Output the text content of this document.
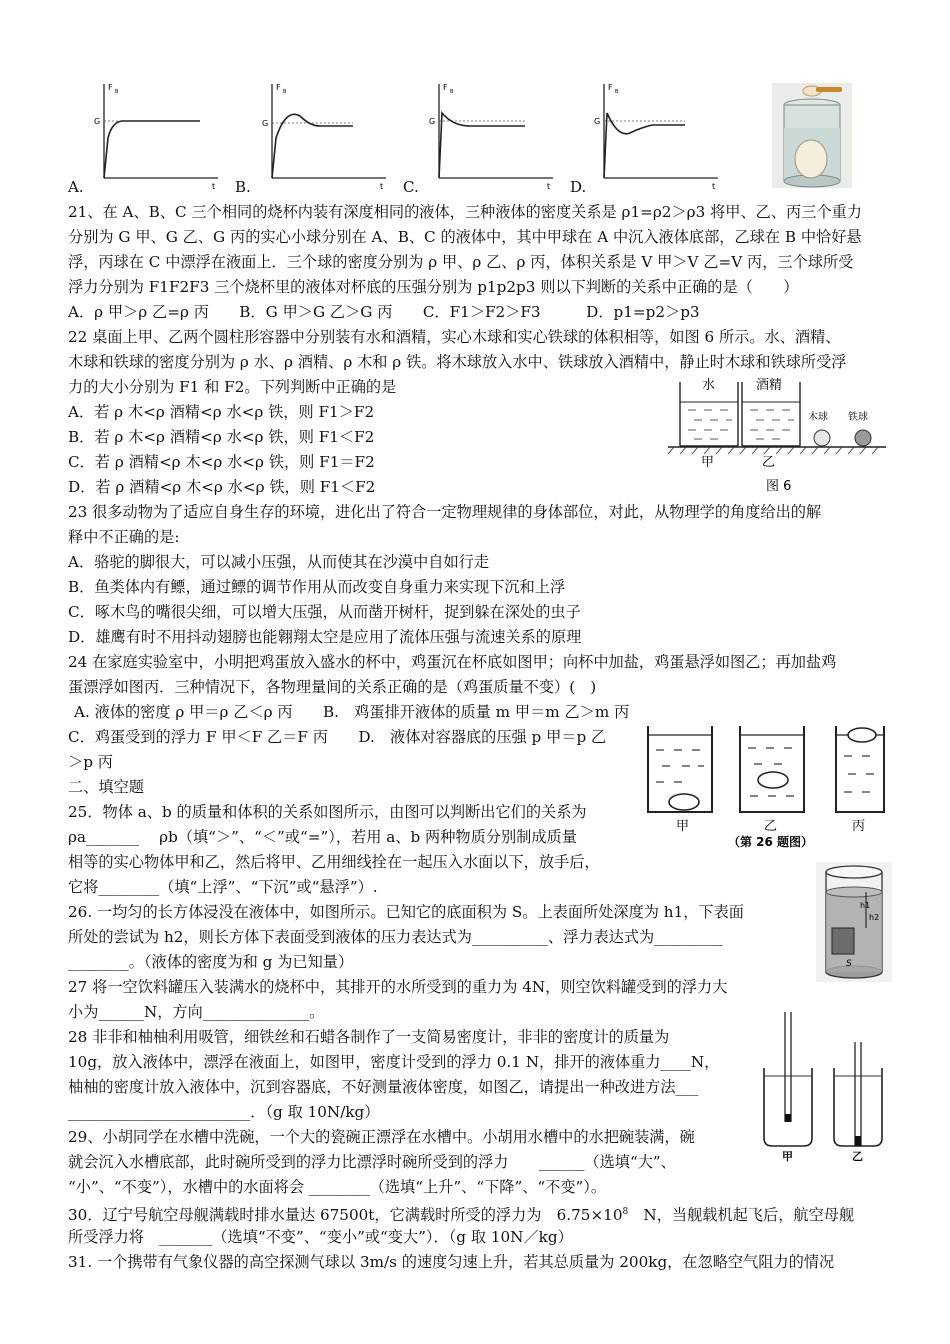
F B
G
t
F B
G
t
F B
G
t
F B
G
t
A.	B.	C.	D.
21、在 A、B、C 三个相同的烧杯内装有深度相同的液体，三种液体的密度关系是 ρ1=ρ2＞ρ3 将甲、乙、丙三个重力
分别为 G 甲、G 乙、G 丙的实心小球分别在 A、B、C 的液体中，其中甲球在 A 中沉入液体底部，乙球在 B 中恰好悬
浮，丙球在 C 中漂浮在液面上．三个球的密度分别为 ρ 甲、ρ 乙、ρ 丙，体积关系是 V 甲＞V 乙=V 丙，三个球所受
浮力分别为 F1F2F3 三个烧杯里的液体对杯底的压强分别为 p1p2p3 则以下判断的关系中正确的是（　　）
A．ρ 甲＞ρ 乙=ρ 丙　　B．G 甲＞G 乙＞G 丙　　C．F1＞F2＞F3　　　D．p1=p2＞p3
22 桌面上甲、乙两个圆柱形容器中分别装有水和酒精，实心木球和实心铁球的体积相等，如图 6 所示。水、酒精、
木球和铁球的密度分别为 ρ 水、ρ 酒精、ρ 木和 ρ 铁。将木球放入水中、铁球放入酒精中，静止时木球和铁球所受浮
力的大小分别为 F1 和 F2。下列判断中正确的是
A．若 ρ 木<ρ 酒精<ρ 水<ρ 铁，则 F1＞F2
B．若 ρ 木<ρ 酒精<ρ 水<ρ 铁，则 F1＜F2
C．若 ρ 酒精<ρ 木<ρ 水<ρ 铁，则 F1＝F2
D．若 ρ 酒精<ρ 木<ρ 水<ρ 铁，则 F1＜F2
水	酒精
木球 铁球
甲	乙
图 6
23 很多动物为了适应自身生存的环境，进化出了符合一定物理规律的身体部位，对此，从物理学的角度给出的解
释中不正确的是:
A．骆驼的脚很大，可以减小压强，从而使其在沙漠中自如行走
B．鱼类体内有鳔，通过鳔的调节作用从而改变自身重力来实现下沉和上浮
C．啄木鸟的嘴很尖细，可以增大压强，从而凿开树杆，捉到躲在深处的虫子
D．雄鹰有时不用抖动翅膀也能翱翔太空是应用了流体压强与流速关系的原理
24 在家庭实验室中，小明把鸡蛋放入盛水的杯中，鸡蛋沉在杯底如图甲；向杯中加盐，鸡蛋悬浮如图乙；再加盐鸡
蛋漂浮如图丙．三种情况下，各物理量间的关系正确的是（鸡蛋质量不变）(　)
A. 液体的密度 ρ 甲＝ρ 乙＜ρ 丙　　B.　鸡蛋排开液体的质量 m 甲＝m 乙＞m 丙
C．鸡蛋受到的浮力 F 甲＜F 乙＝F 丙　　D.　液体对容器底的压强 p 甲＝p 乙
＞p 丙
甲	乙	丙
（第 26 题图）
二、填空题
25．物体 a、b 的质量和体积的关系如图所示，由图可以判断出它们的关系为
ρa_______　 ρb（填“＞”、“＜”或“=”），若用 a、b 两种物质分别制成质量
相等的实心物体甲和乙，然后将甲、乙用细线拴在一起压入水面以下，放手后，
它将________（填“上浮”、“下沉”或“悬浮”）.
h1
h2
S
26. 一均匀的长方体浸没在液体中，如图所示。已知它的底面积为 S。上表面所处深度为 h1，下表面
所处的尝试为 h2，则长方体下表面受到液体的压力表达式为__________、浮力表达式为_________
________。（液体的密度为和 g 为已知量）
27 将一空饮料罐压入装满水的烧杯中，其排开的水所受到的重力为 4N，则空饮料罐受到的浮力大
小为______N，方向______________。
28 非非和柚柚利用吸管，细铁丝和石蜡各制作了一支简易密度计，非非的密度计的质量为
10g，放入液体中，漂浮在液面上，如图甲，密度计受到的浮力 0.1 N，排开的液体重力____N，
柚柚的密度计放入液体中，沉到容器底，不好测量液体密度，如图乙，请提出一种改进方法___
________________________．（g 取 10N/kg）
甲	乙
29、小胡同学在水槽中洗碗，一个大的瓷碗正漂浮在水槽中。小胡用水槽中的水把碗装满，碗
就会沉入水槽底部，此时碗所受到的浮力比漂浮时碗所受到的浮力　　______（选填“大”、
“小”、“不变”），水槽中的水面将会 ________（选填“上升”、“下降”、“不变”）。
30．辽宁号航空母舰满载时排水量达 67500t，它满载时所受的浮力为　$6.75\times 10^8$　N，当舰载机起飞后，航空母舰
所受浮力将　_______（选填“不变”、“变小”或“变大”）．（g 取 10N／kg）
31. 一个携带有气象仪器的高空探测气球以 3m/s 的速度匀速上升，若其总质量为 200kg，在忽略空气阻力的情况
